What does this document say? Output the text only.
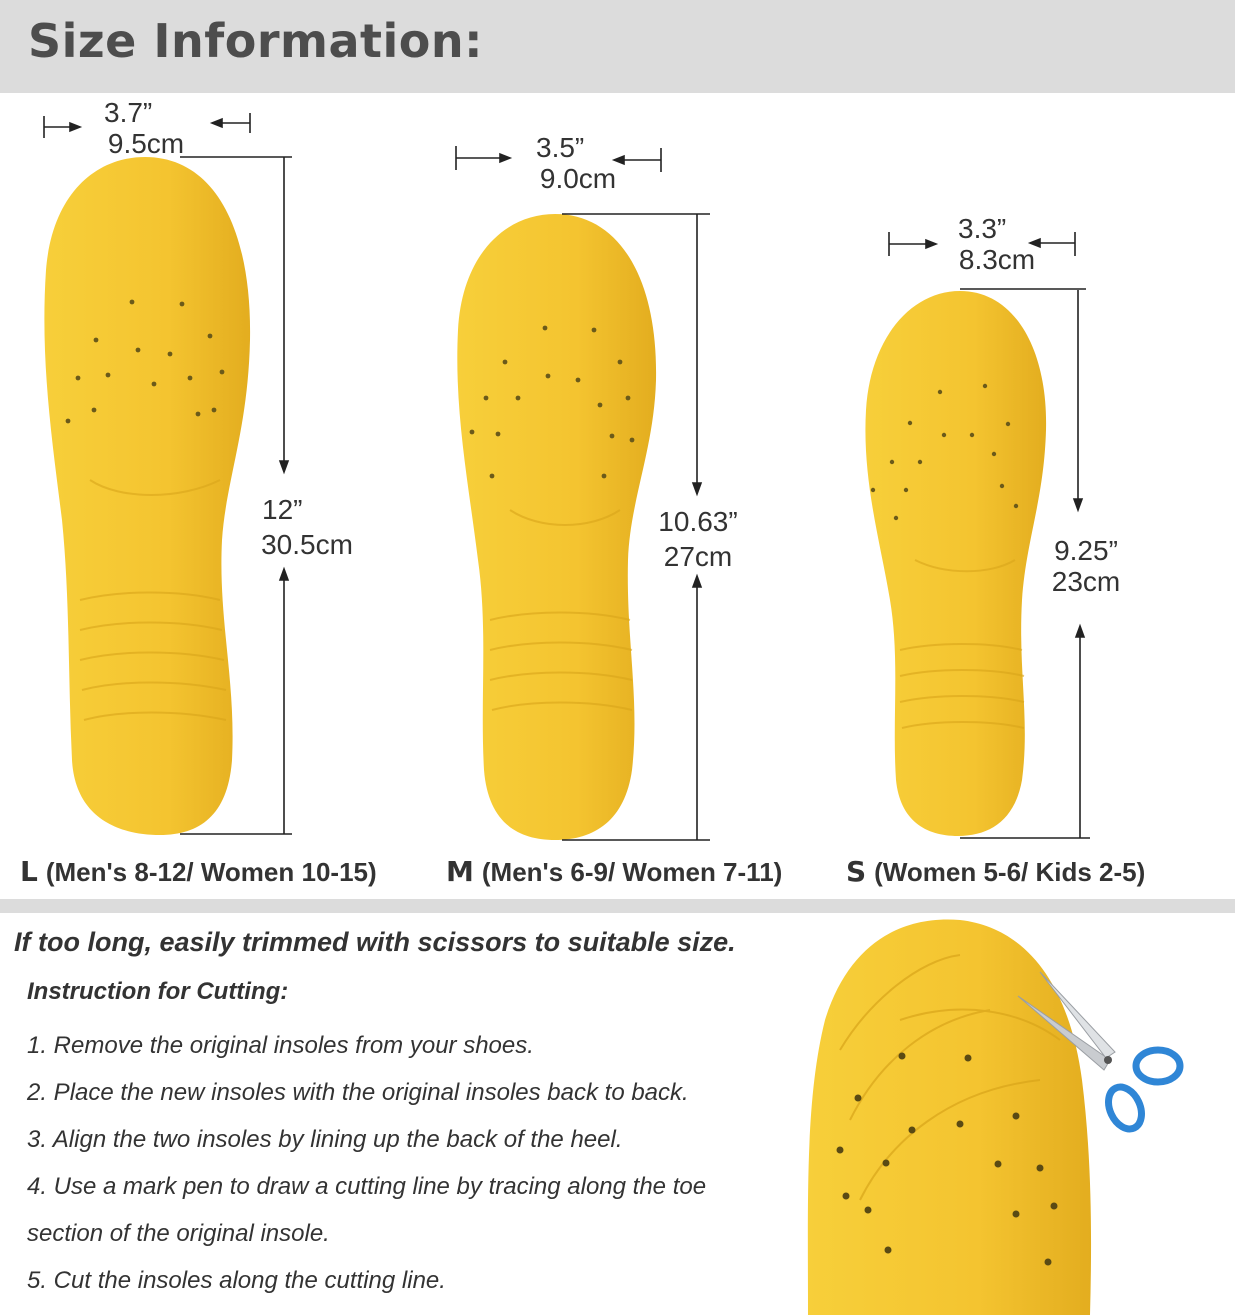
Size Information:
3.7”
9.5cm
12”
30.5cm
3.5”
9.0cm
10.63”
27cm
3.3”
8.3cm
9.25”
23cm
L (Men's 8-12/ Women 10-15) M (Men's 6-9/ Women 7-11) S (Women 5-6/ Kids 2-5)
If too long, easily trimmed with scissors to suitable size.
Instruction for Cutting:
1. Remove the original insoles from your shoes.
2. Place the new insoles with the original insoles back to back.
3. Align the two insoles by lining up the back of the heel.
4. Use a mark pen to draw a cutting line by tracing along the toe
section of the original insole.
5. Cut the insoles along the cutting line.
